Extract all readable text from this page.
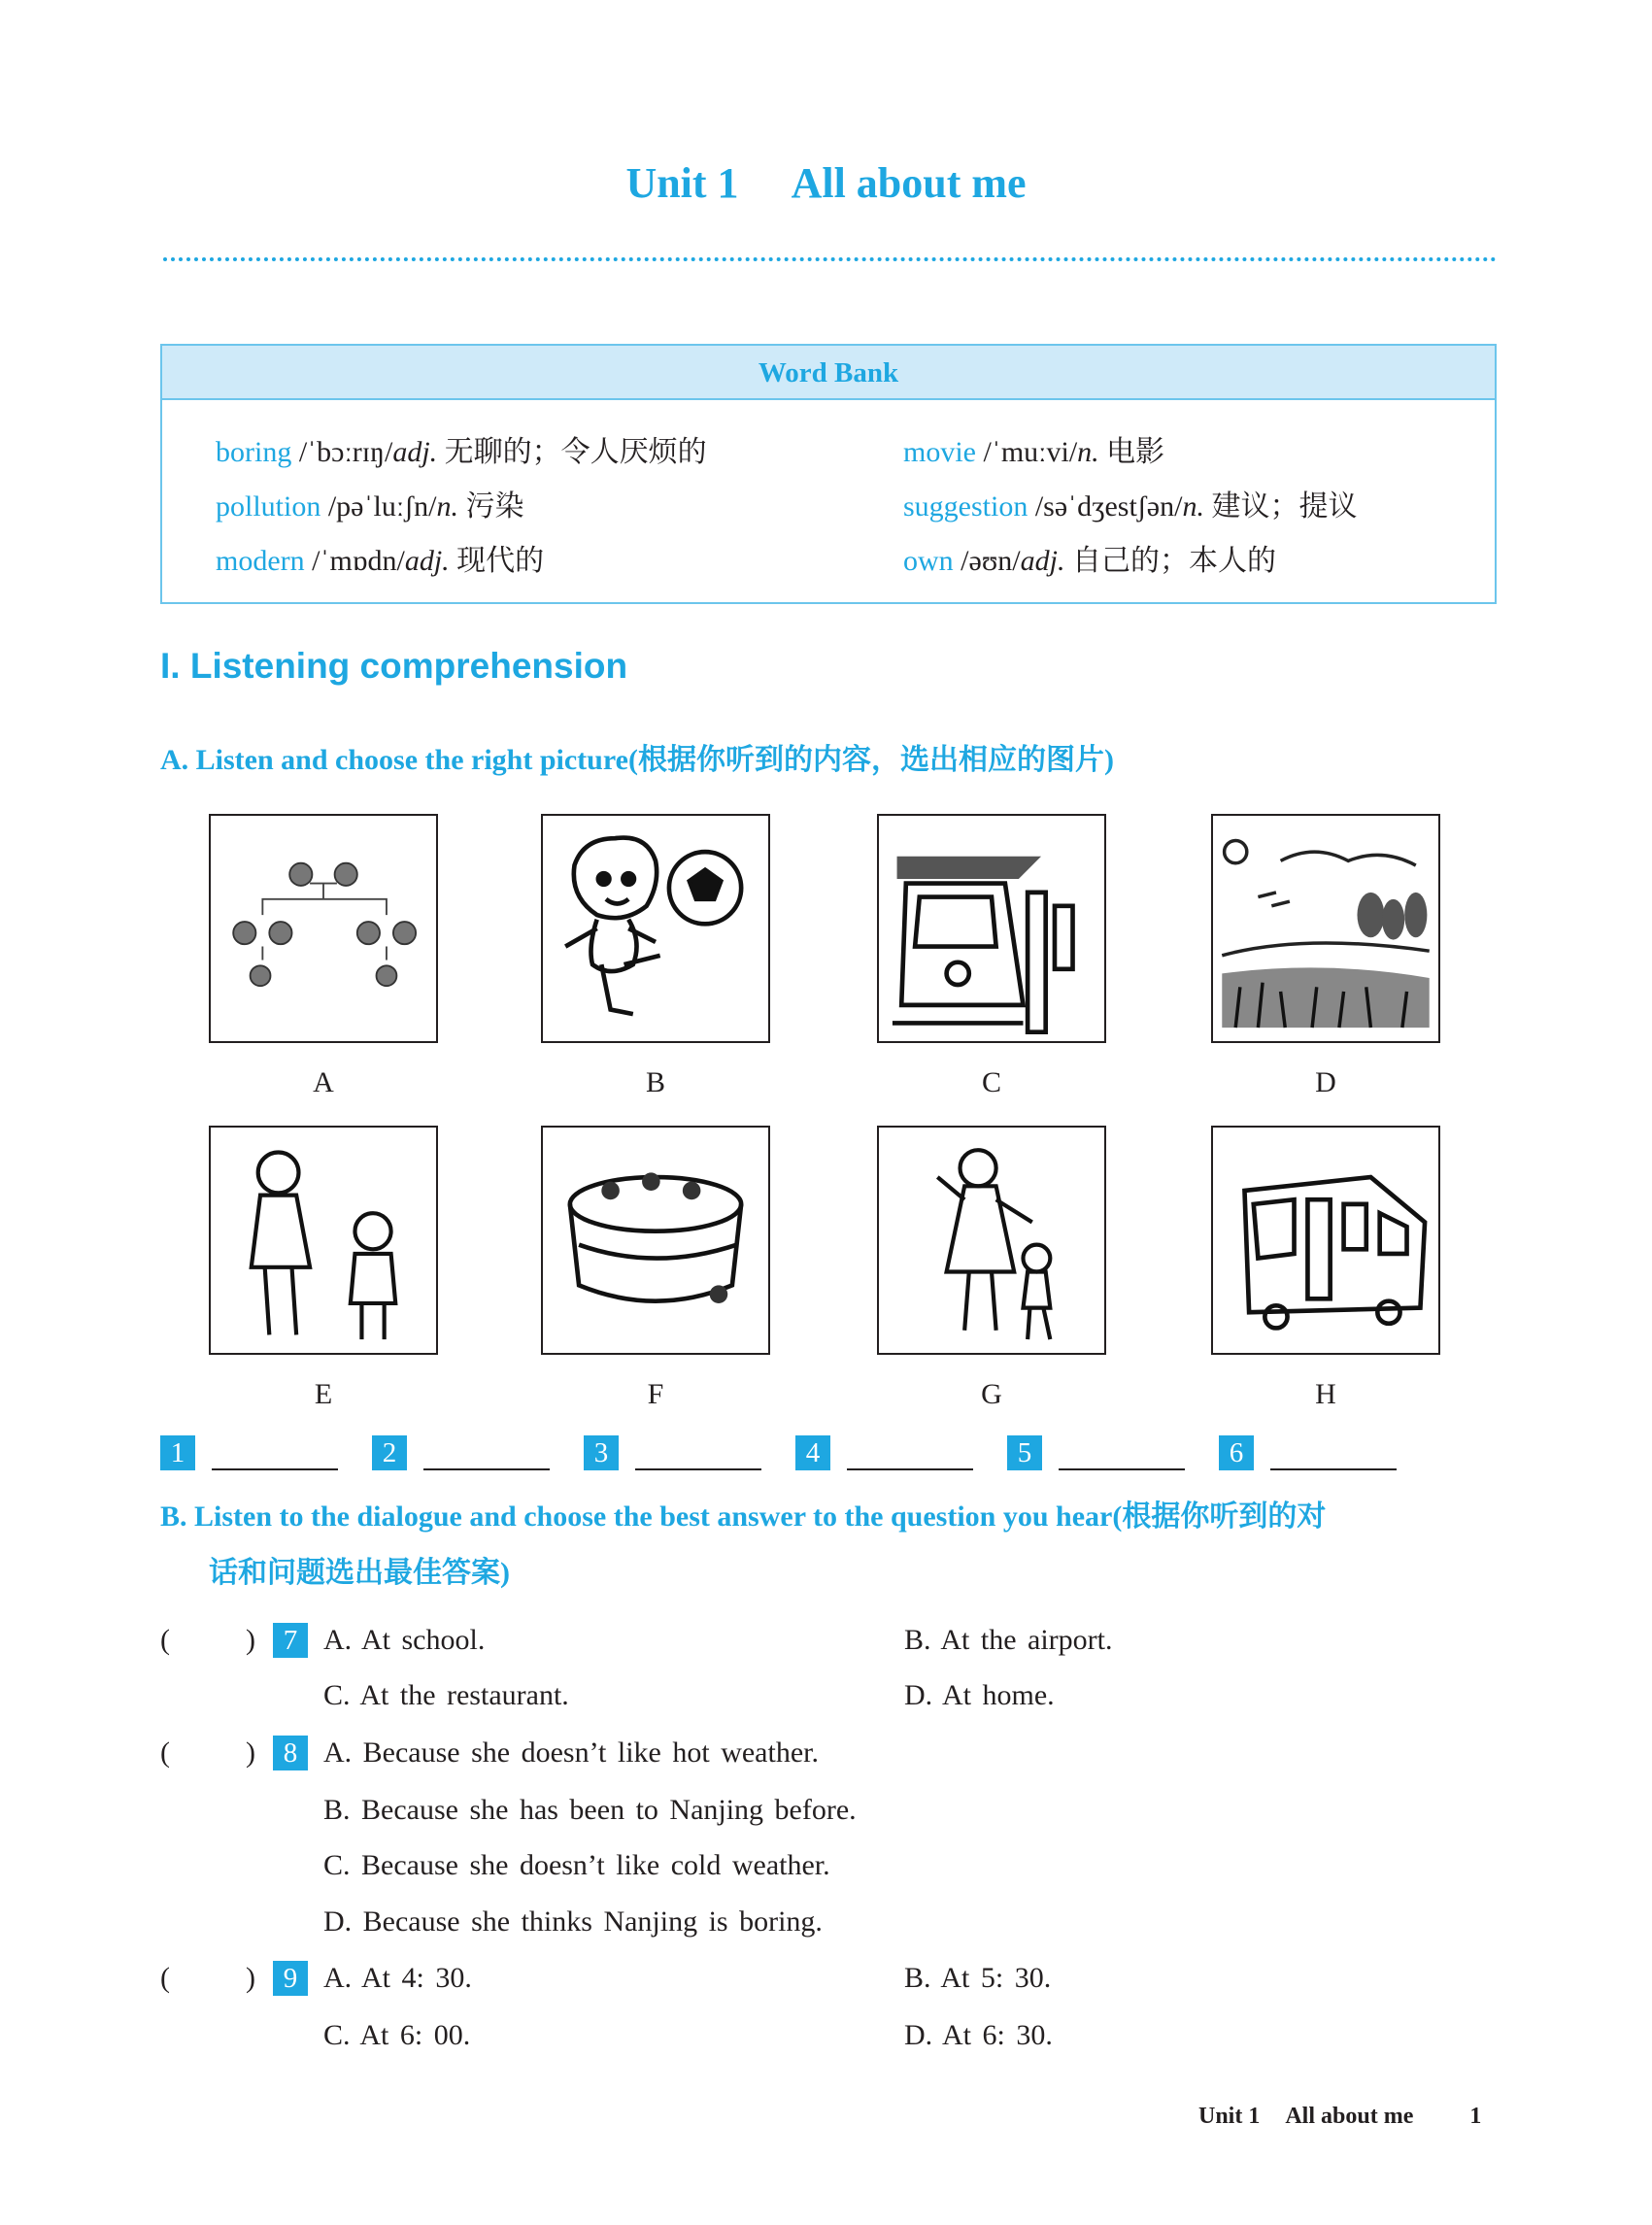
Unit 1 All about me
Word Bank
boring /ˈbɔːrɪŋ/adj. 无聊的；令人厌烦的	movie /ˈmuːvi/n. 电影
pollution /pəˈluːʃn/n. 污染	suggestion /səˈdʒestʃən/n. 建议；提议
modern /ˈmɒdn/adj. 现代的	own /əʊn/adj. 自己的；本人的
I. Listening comprehension
A. Listen and choose the right picture(根据你听到的内容，选出相应的图片)
A	B	C	D
E	F	G	H
1	2	3	4	5	6
B. Listen to the dialogue and choose the best answer to the question you hear(根据你听到的对
话和问题选出最佳答案)
(	) 7 A. At school.	B. At the airport.
C. At the restaurant.	D. At home.
(	) 8 A. Because she doesn’t like hot weather.
B. Because she has been to Nanjing before.
C. Because she doesn’t like cold weather.
D. Because she thinks Nanjing is boring.
(	) 9 A. At 4: 30.	B. At 5: 30.
C. At 6: 00.	D. At 6: 30.
Unit 1 All about me 1
